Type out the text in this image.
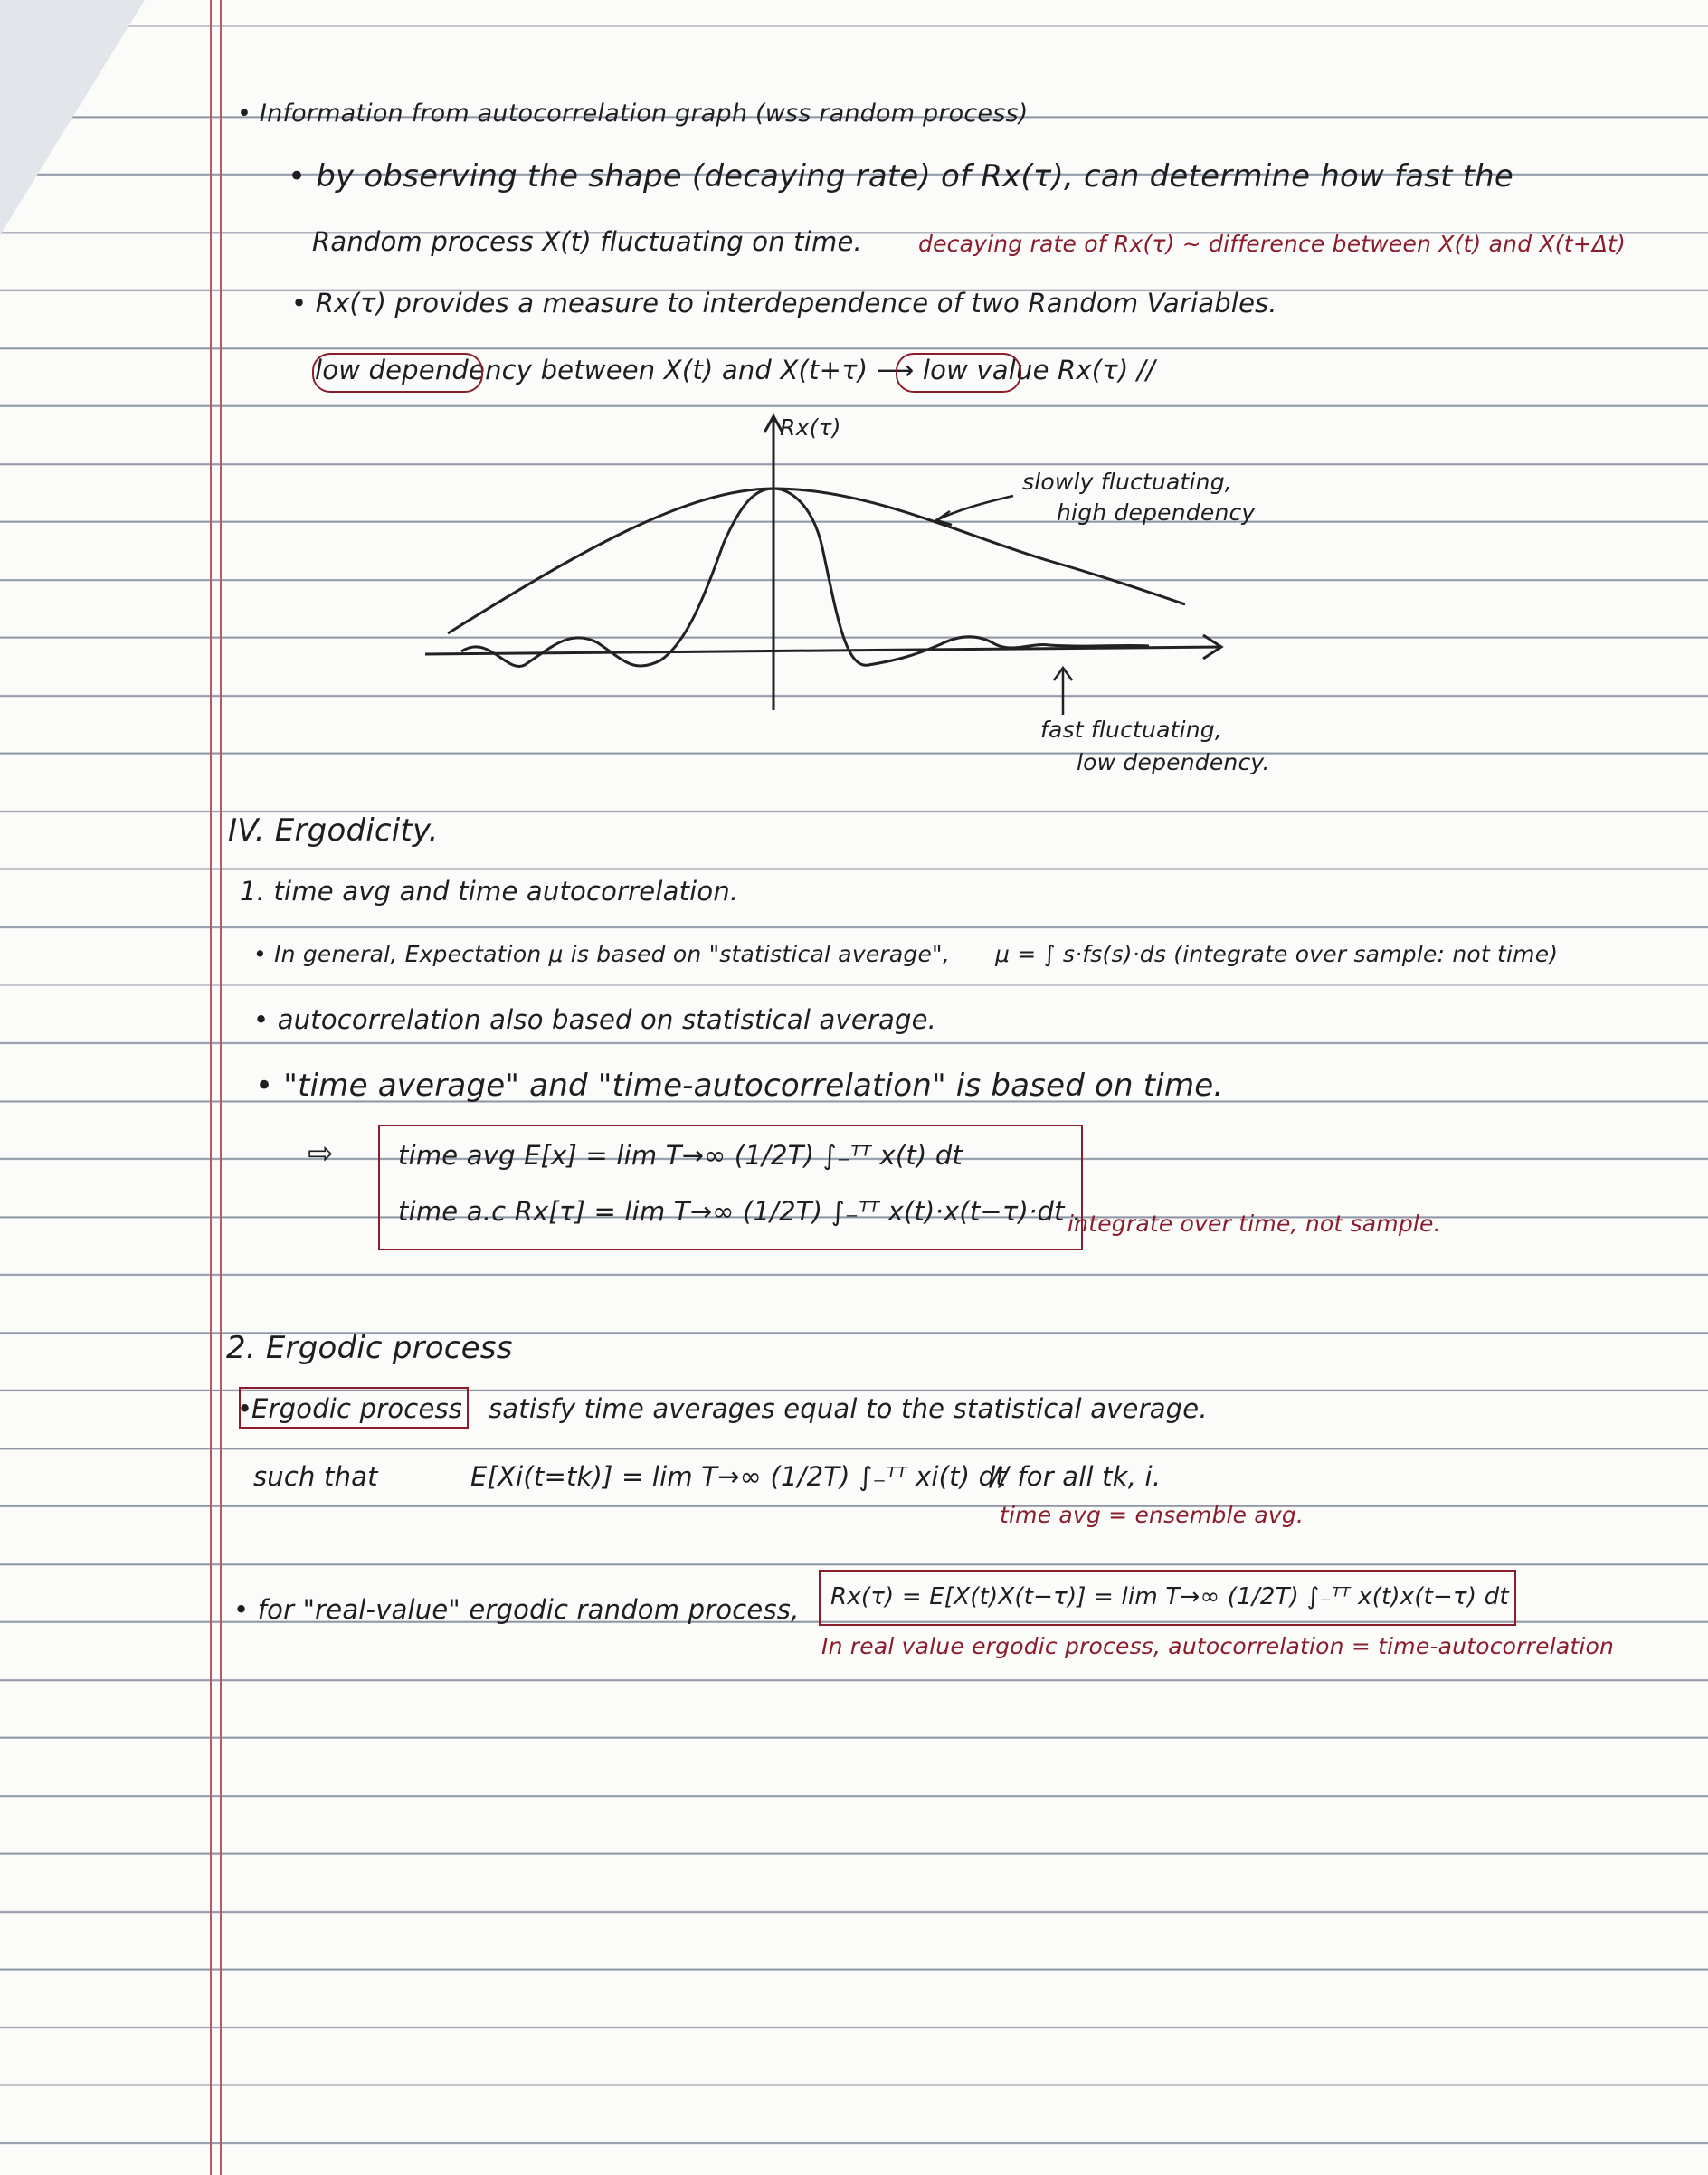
• Information from autocorrelation graph (wss random process)
• by observing the shape (decaying rate) of Rx(τ), can determine how fast the
Random process X(t) fluctuating on time. decaying rate of Rx(τ) ~ difference between X(t) and X(t+Δt)
• Rx(τ) provides a measure to interdependence of two Random Variables.
low dependency between X(t) and X(t+τ) ⟶ low value Rx(τ) //
Rx(τ)
slowly fluctuating,
high dependency
fast fluctuating,
low dependency.
IV. Ergodicity.
1. time avg and time autocorrelation.
• In general, Expectation μ is based on "statistical average", μ = ∫ s·fs(s)·ds (integrate over sample: not time)
• autocorrelation also based on statistical average.
• "time average" and "time-autocorrelation" is based on time.
⇨ time avg E[x] = lim T→∞ (1/2T) ∫₋ᵀᵀ x(t) dt
time a.c Rx[τ] = lim T→∞ (1/2T) ∫₋ᵀᵀ x(t)·x(t−τ)·dt .
integrate over time, not sample.
2. Ergodic process
•
Ergodic process satisfy time averages equal to the statistical average.
such that	E[Xi(t=tk)] = lim T→∞ (1/2T) ∫₋ᵀᵀ xi(t) dt
// for all tk, i.
time avg = ensemble avg.
• for "real-value" ergodic random process, Rx(τ) = E[X(t)X(t−τ)] = lim T→∞ (1/2T) ∫₋ᵀᵀ x(t)x(t−τ) dt
In real value ergodic process, autocorrelation = time-autocorrelation
